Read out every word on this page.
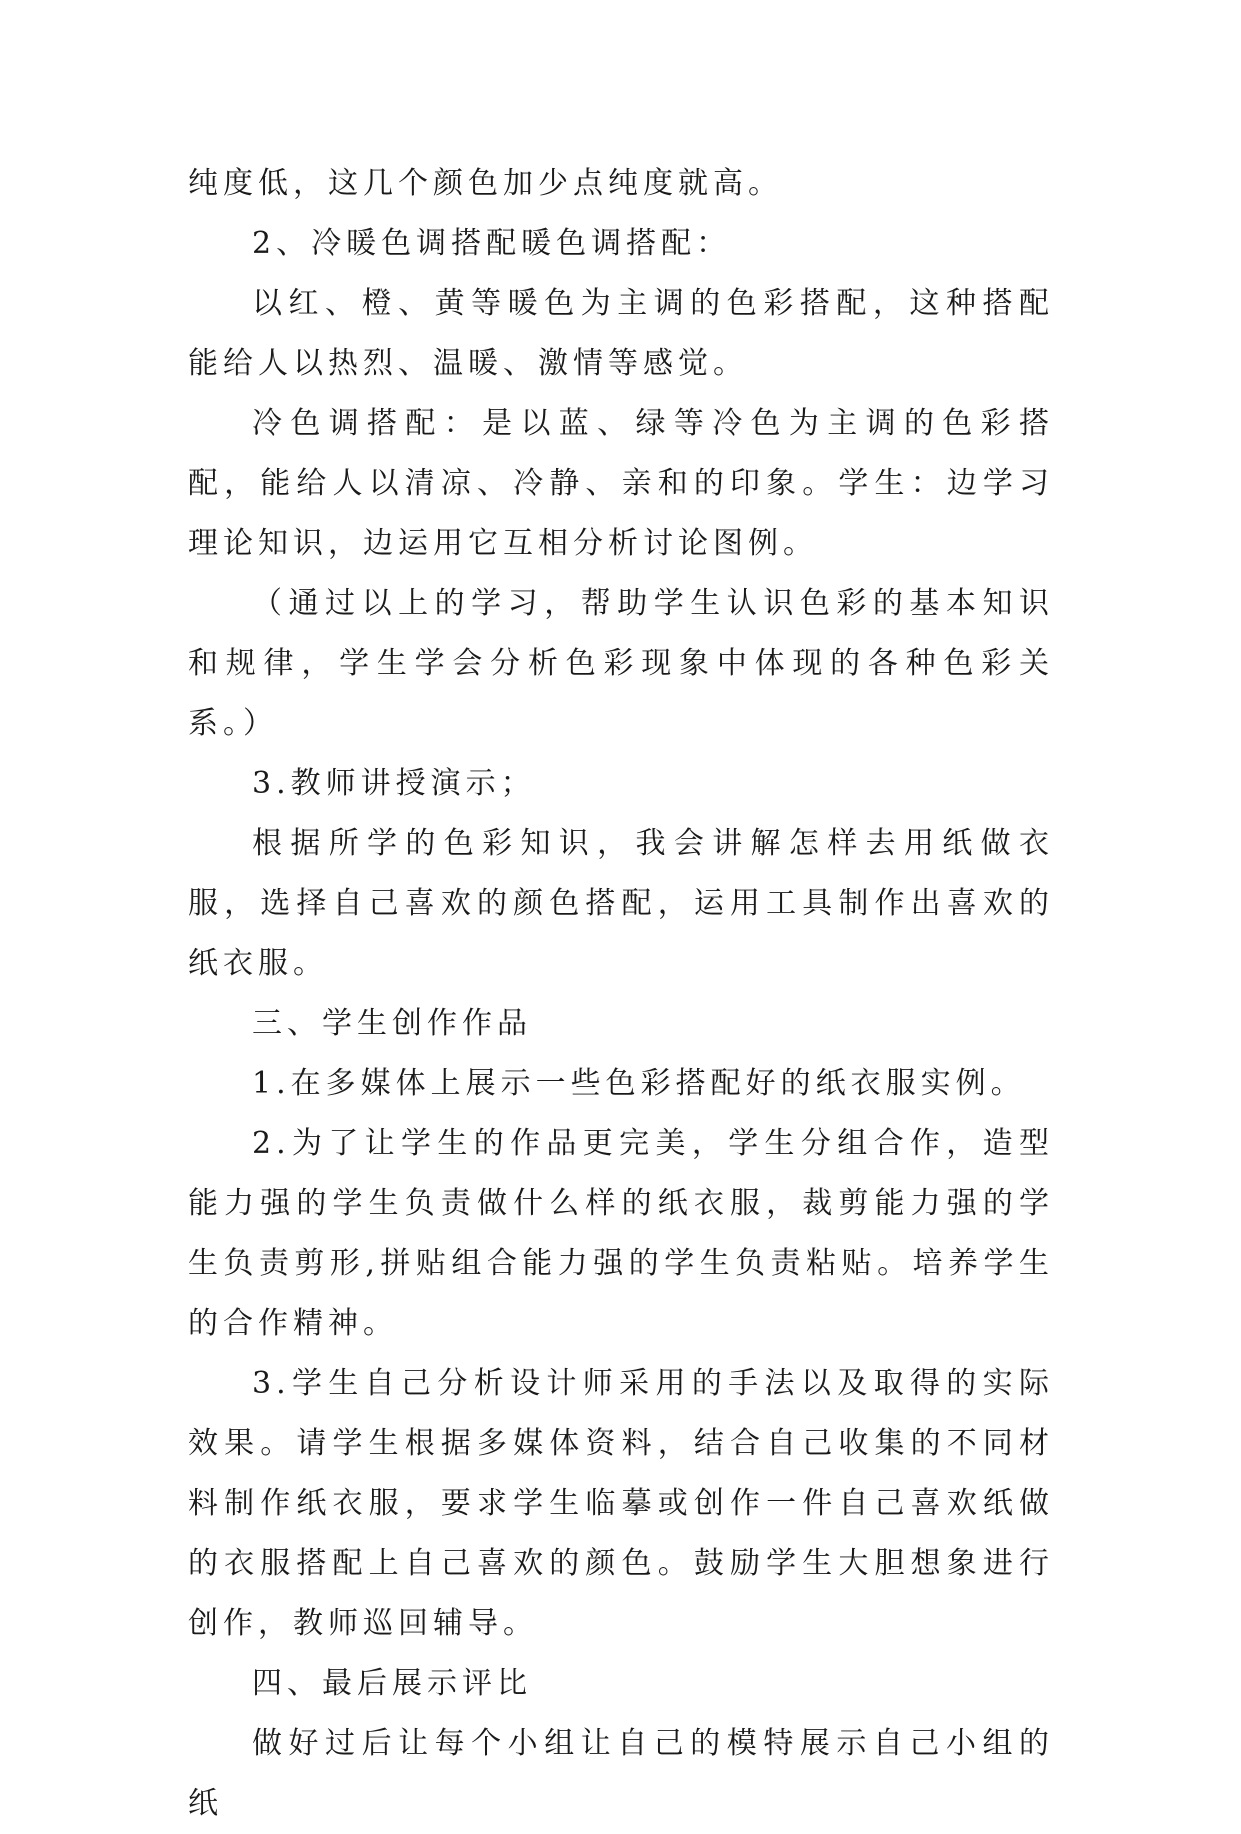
纯度低，这几个颜色加少点纯度就高。

2、冷暖色调搭配暖色调搭配：

以红、橙、黄等暖色为主调的色彩搭配，这种搭配能给人以热烈、温暖、激情等感觉。

冷色调搭配：是以蓝、绿等冷色为主调的色彩搭配，能给人以清凉、冷静、亲和的印象。学生：边学习理论知识，边运用它互相分析讨论图例。

（通过以上的学习，帮助学生认识色彩的基本知识和规律，学生学会分析色彩现象中体现的各种色彩关系。）

3.教师讲授演示；

根据所学的色彩知识，我会讲解怎样去用纸做衣服，选择自己喜欢的颜色搭配，运用工具制作出喜欢的纸衣服。

三、学生创作作品

1.在多媒体上展示一些色彩搭配好的纸衣服实例。

2.为了让学生的作品更完美，学生分组合作，造型能力强的学生负责做什么样的纸衣服，裁剪能力强的学生负责剪形,拼贴组合能力强的学生负责粘贴。培养学生的合作精神。

3.学生自己分析设计师采用的手法以及取得的实际效果。请学生根据多媒体资料，结合自己收集的不同材料制作纸衣服，要求学生临摹或创作一件自己喜欢纸做的衣服搭配上自己喜欢的颜色。鼓励学生大胆想象进行创作，教师巡回辅导。

四、最后展示评比

做好过后让每个小组让自己的模特展示自己小组的纸
